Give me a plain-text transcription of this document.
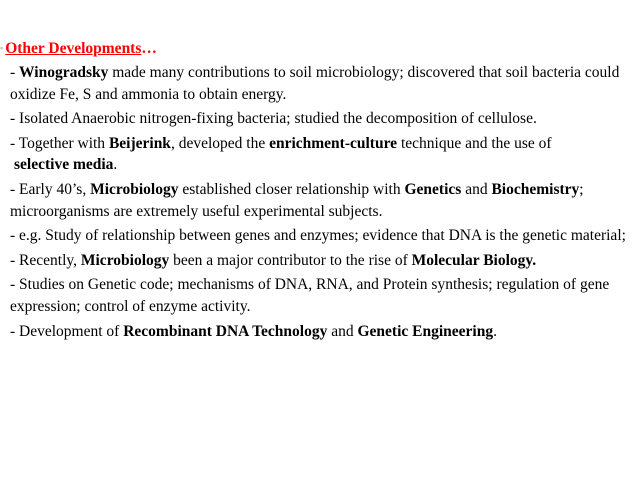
▪ Other Developments…

- Winogradsky made many contributions to soil microbiology; discovered that soil bacteria could oxidize Fe, S and ammonia to obtain energy.

- Isolated Anaerobic nitrogen-fixing bacteria; studied the decomposition of cellulose.

- Together with Beijerink, developed the enrichment-culture technique and the use of
selective media.

- Early 40’s, Microbiology established closer relationship with Genetics and Biochemistry; microorganisms are extremely useful experimental subjects.

- e.g. Study of relationship between genes and enzymes; evidence that DNA is the genetic material;

- Recently, Microbiology been a major contributor to the rise of Molecular Biology.

- Studies on Genetic code; mechanisms of DNA, RNA, and Protein synthesis; regulation of gene expression; control of enzyme activity.

- Development of Recombinant DNA Technology and Genetic Engineering.
